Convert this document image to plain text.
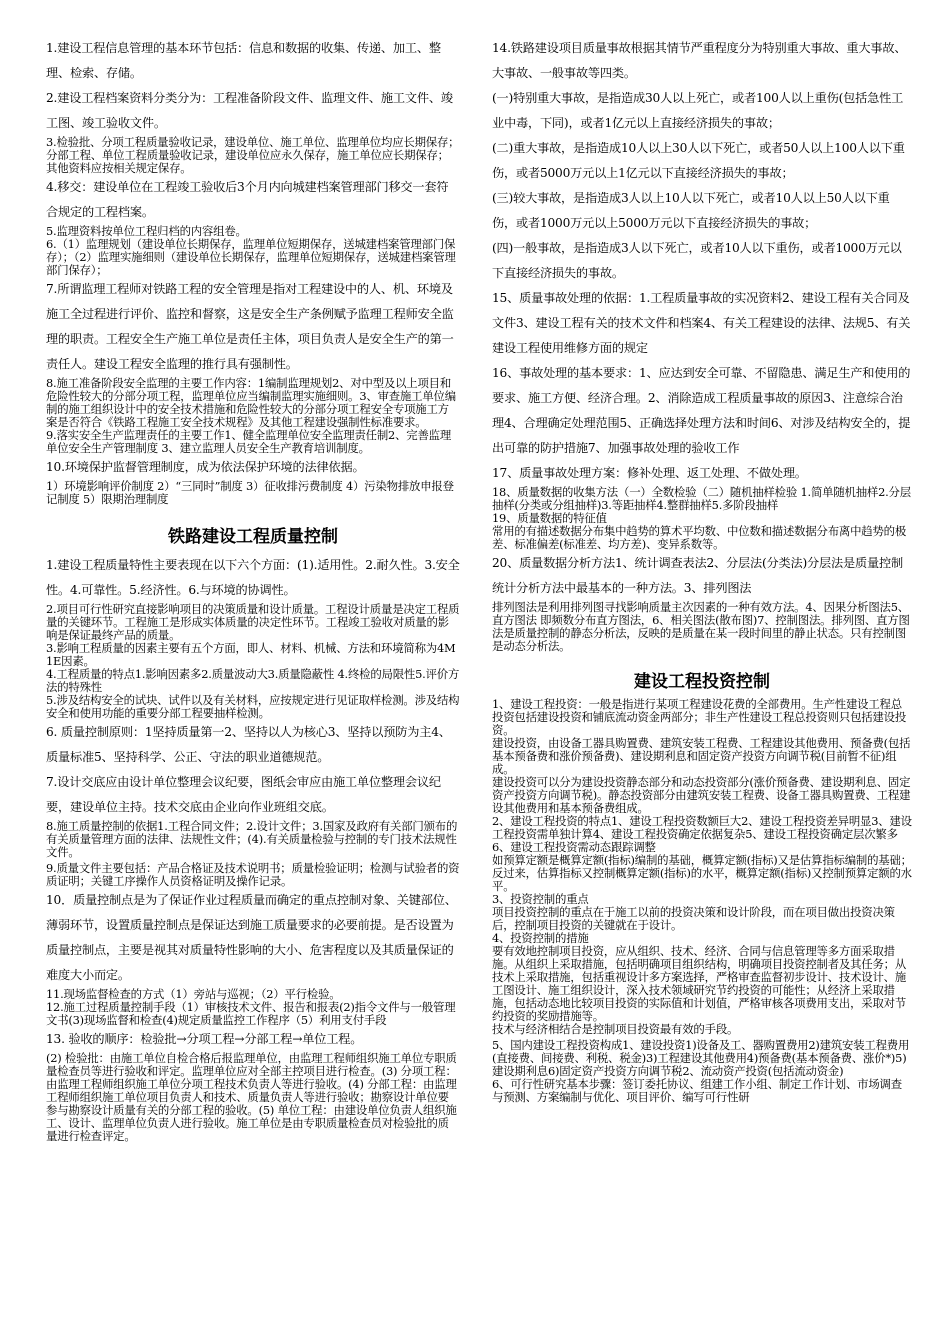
1.建设工程信息管理的基本环节包括：信息和数据的收集、传递、加工、整理、检索、存储。

2.建设工程档案资料分类分为：工程准备阶段文件、监理文件、施工文件、竣工图、竣工验收文件。

3.检验批、分项工程质量验收记录，建设单位、施工单位、监理单位均应长期保存；分部工程、单位工程质量验收记录，建设单位应永久保存，施工单位应长期保存；其他资料应按相关规定保存。

4.移交：建设单位在工程竣工验收后3个月内向城建档案管理部门移交一套符合规定的工程档案。

5.监理资料按单位工程归档的内容组卷。

6.（1）监理规划（建设单位长期保存，监理单位短期保存，送城建档案管理部门保存）；（2）监理实施细则（建设单位长期保存，监理单位短期保存，送城建档案管理部门保存）；

7.所谓监理工程师对铁路工程的安全管理是指对工程建设中的人、机、环境及施工全过程进行评价、监控和督察，这是安全生产条例赋予监理工程师安全监理的职责。工程安全生产施工单位是责任主体，项目负责人是安全生产的第一责任人。建设工程安全监理的推行具有强制性。

8.施工准备阶段安全监理的主要工作内容：1编制监理规划2、对中型及以上项目和危险性较大的分部分项工程，监理单位应当编制监理实施细则。3、审查施工单位编制的施工组织设计中的安全技术措施和危险性较大的分部分项工程安全专项施工方案是否符合《铁路工程施工安全技术规程》及其他工程建设强制性标准要求。

9.落实安全生产监理责任的主要工作1、健全监理单位安全监理责任制2、完善监理单位安全生产管理制度 3、建立监理人员安全生产教育培训制度。

10.环境保护监督管理制度，成为依法保护环境的法律依据。

1）环境影响评价制度 2）“三同时”制度 3）征收排污费制度 4）污染物排放申报登记制度 5）限期治理制度

铁路建设工程质量控制

1.建设工程质量特性主要表现在以下六个方面：(1).适用性。2.耐久性。3.安全性。4.可靠性。5.经济性。6.与环境的协调性。

2.项目可行性研究直接影响项目的决策质量和设计质量。工程设计质量是决定工程质量的关键环节。工程施工是形成实体质量的决定性环节。工程竣工验收对质量的影响是保证最终产品的质量。

3.影响工程质量的因素主要有五个方面，即人、材料、机械、方法和环境简称为4M1E因素。

4.工程质量的特点1.影响因素多2.质量波动大3.质量隐蔽性 4.终检的局限性5.评价方法的特殊性

5.涉及结构安全的试块、试件以及有关材料，应按规定进行见证取样检测。涉及结构安全和使用功能的重要分部工程要抽样检测。

6. 质量控制原则：1坚持质量第一2、坚持以人为核心3、坚持以预防为主4、质量标准5、坚持科学、公正、守法的职业道德规范。

7.设计交底应由设计单位整理会议纪要，图纸会审应由施工单位整理会议纪要，建设单位主持。技术交底由企业向作业班组交底。

8.施工质量控制的依据1.工程合同文件；2.设计文件；3.国家及政府有关部门颁布的有关质量管理方面的法律、法规性文件；(4).有关质量检验与控制的专门技术法规性文件。

9.质量文件主要包括：产品合格证及技术说明书；质量检验证明；检测与试验者的资质证明；关键工序操作人员资格证明及操作记录。

10．质量控制点是为了保证作业过程质量而确定的重点控制对象、关键部位、薄弱环节，设置质量控制点是保证达到施工质量要求的必要前提。是否设置为质量控制点，主要是视其对质量特性影响的大小、危害程度以及其质量保证的难度大小而定。

11.现场监督检查的方式（1）旁站与巡视；（2）平行检验。

12.施工过程质量控制手段（1）审核技术文件、报告和报表(2)指令文件与一般管理文书(3)现场监督和检查(4)规定质量监控工作程序（5）利用支付手段

13. 验收的顺序：检验批→分项工程→分部工程→单位工程。

(2) 检验批：由施工单位自检合格后报监理单位，由监理工程师组织施工单位专职质量检查员等进行验收和评定。监理单位应对全部主控项目进行检查。(3) 分项工程：由监理工程师组织施工单位分项工程技术负责人等进行验收。(4) 分部工程：由监理工程师组织施工单位项目负责人和技术、质量负责人等进行验收；勘察设计单位要参与勘察设计质量有关的分部工程的验收。(5) 单位工程：由建设单位负责人组织施工、设计、监理单位负责人进行验收。施工单位是由专职质量检查员对检验批的质量进行检查评定。

14.铁路建设项目质量事故根据其情节严重程度分为特别重大事故、重大事故、大事故、一般事故等四类。

(一)特别重大事故，是指造成30人以上死亡，或者100人以上重伤(包括急性工业中毒，下同)，或者1亿元以上直接经济损失的事故；

(二)重大事故，是指造成10人以上30人以下死亡，或者50人以上100人以下重伤，或者5000万元以上1亿元以下直接经济损失的事故；

(三)较大事故，是指造成3人以上10人以下死亡，或者10人以上50人以下重伤，或者1000万元以上5000万元以下直接经济损失的事故；

(四)一般事故，是指造成3人以下死亡，或者10人以下重伤，或者1000万元以下直接经济损失的事故。

15、质量事故处理的依据：1.工程质量事故的实况资料2、建设工程有关合同及文件3、建设工程有关的技术文件和档案4、有关工程建设的法律、法规5、有关建设工程使用维修方面的规定

16、事故处理的基本要求：1、应达到安全可靠、不留隐患、满足生产和使用的要求、施工方便、经济合理。2、消除造成工程质量事故的原因3、注意综合治理4、合理确定处理范围5、正确选择处理方法和时间6、对涉及结构安全的，提出可靠的防护措施7、加强事故处理的验收工作

17、质量事故处理方案：修补处理、返工处理、不做处理。

18、质量数据的收集方法（一）全数检验（二）随机抽样检验 1.简单随机抽样2.分层抽样(分类或分组抽样)3.等距抽样4.整群抽样5.多阶段抽样

19、质量数据的特征值

常用的有描述数据分布集中趋势的算术平均数、中位数和描述数据分布离中趋势的极差、标准偏差(标准差、均方差)、变异系数等。

20、质量数据分析方法1、统计调查表法2、分层法(分类法)分层法是质量控制统计分析方法中最基本的一种方法。3、排列图法

排列图法是利用排列图寻找影响质量主次因素的一种有效方法。4、因果分析图法5、直方图法 即频数分布直方图法，6、相关图法(散布图)7、控制图法。排列图、直方图法是质量控制的静态分析法，反映的是质量在某一段时间里的静止状态。只有控制图是动态分析法。

建设工程投资控制

1、建设工程投资：一般是指进行某项工程建设花费的全部费用。生产性建设工程总投资包括建设投资和铺底流动资金两部分；非生产性建设工程总投资则只包括建设投资。

建设投资，由设备工器具购置费、建筑安装工程费、工程建设其他费用、预备费(包括基本预备费和涨价预备费)、建设期利息和固定资产投资方向调节税(目前暂不征)组成。

建设投资可以分为建设投资静态部分和动态投资部分(涨价预备费、建设期利息、固定资产投资方向调节税)。静态投资部分由建筑安装工程费、设备工器具购置费、工程建设其他费用和基本预备费组成。

2、建设工程投资的特点1、建设工程投资数额巨大2、建设工程投资差异明显3、建设工程投资需单独计算4、建设工程投资确定依据复杂5、建设工程投资确定层次繁多6、建设工程投资需动态跟踪调整

如预算定额是概算定额(指标)编制的基础，概算定额(指标)又是估算指标编制的基础；反过来，估算指标又控制概算定额(指标)的水平，概算定额(指标)又控制预算定额的水平。

3、投资控制的重点

项目投资控制的重点在于施工以前的投资决策和设计阶段，而在项目做出投资决策后，控制项目投资的关键就在于设计。

4、投资控制的措施

要有效地控制项目投资，应从组织、技术、经济、合同与信息管理等多方面采取措施。从组织上采取措施，包括明确项目组织结构，明确项目投资控制者及其任务；从技术上采取措施，包括重视设计多方案选择，严格审查监督初步设计、技术设计、施工图设计、施工组织设计，深入技术领域研究节约投资的可能性；从经济上采取措施，包括动态地比较项目投资的实际值和计划值，严格审核各项费用支出，采取对节约投资的奖励措施等。

技术与经济相结合是控制项目投资最有效的手段。

5、国内建设工程投资构成1、建设投资1)设备及工、器购置费用2)建筑安装工程费用(直接费、间接费、利税、税金)3)工程建设其他费用4)预备费(基本预备费、涨价*)5)建设期利息6)固定资产投资方向调节税2、流动资产投资(包括流动资金)

6、可行性研究基本步骤：签订委托协议、组建工作小组、制定工作计划、市场调查与预测、方案编制与优化、项目评价、编写可行性研
